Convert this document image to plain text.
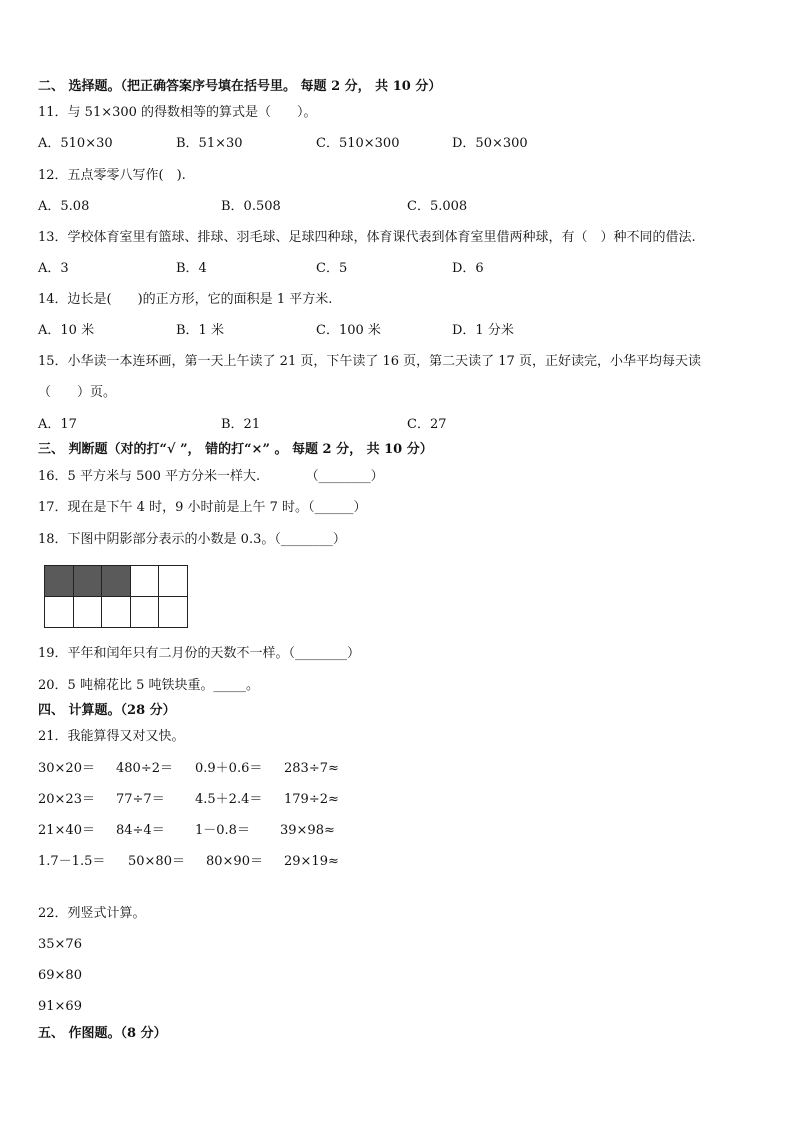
二、 选择题。（把正确答案序号填在括号里。 每题 2 分， 共 10 分）
11．与 51×300 的得数相等的算式是（　　）。
A．510×30	B．51×30	C．510×300	D．50×300
12．五点零零八写作(　).
A．5.08	B．0.508	C．5.008
13．学校体育室里有篮球、排球、羽毛球、足球四种球，体育课代表到体育室里借两种球，有（　）种不同的借法.
A．3	B．4	C．5	D．6
14．边长是(　　)的正方形，它的面积是 1 平方米.
A．10 米	B．1 米	C．100 米	D．1 分米
15．小华读一本连环画，第一天上午读了 21 页，下午读了 16 页，第二天读了 17 页，正好读完，小华平均每天读
（　　）页。
A．17	B．21	C．27
三、 判断题（对的打“√ ”， 错的打“×” 。 每题 2 分， 共 10 分）
16．5 平方米与 500 平方分米一样大.　　　　（________）
17．现在是下午 4 时，9 小时前是上午 7 时。（______）
18．下图中阴影部分表示的小数是 0.3。（________）
19．平年和闰年只有二月份的天数不一样。（________）
20．5 吨棉花比 5 吨铁块重。_____。
四、 计算题。（28 分）
21．我能算得又对又快。
30×20＝ 480÷2＝ 0.9＋0.6＝ 283÷7≈
20×23＝ 77÷7＝ 4.5＋2.4＝ 179÷2≈
21×40＝ 84÷4＝ 1－0.8＝ 39×98≈
1.7－1.5＝ 50×80＝ 80×90＝ 29×19≈
22．列竖式计算。
35×76
69×80
91×69
五、 作图题。（8 分）
